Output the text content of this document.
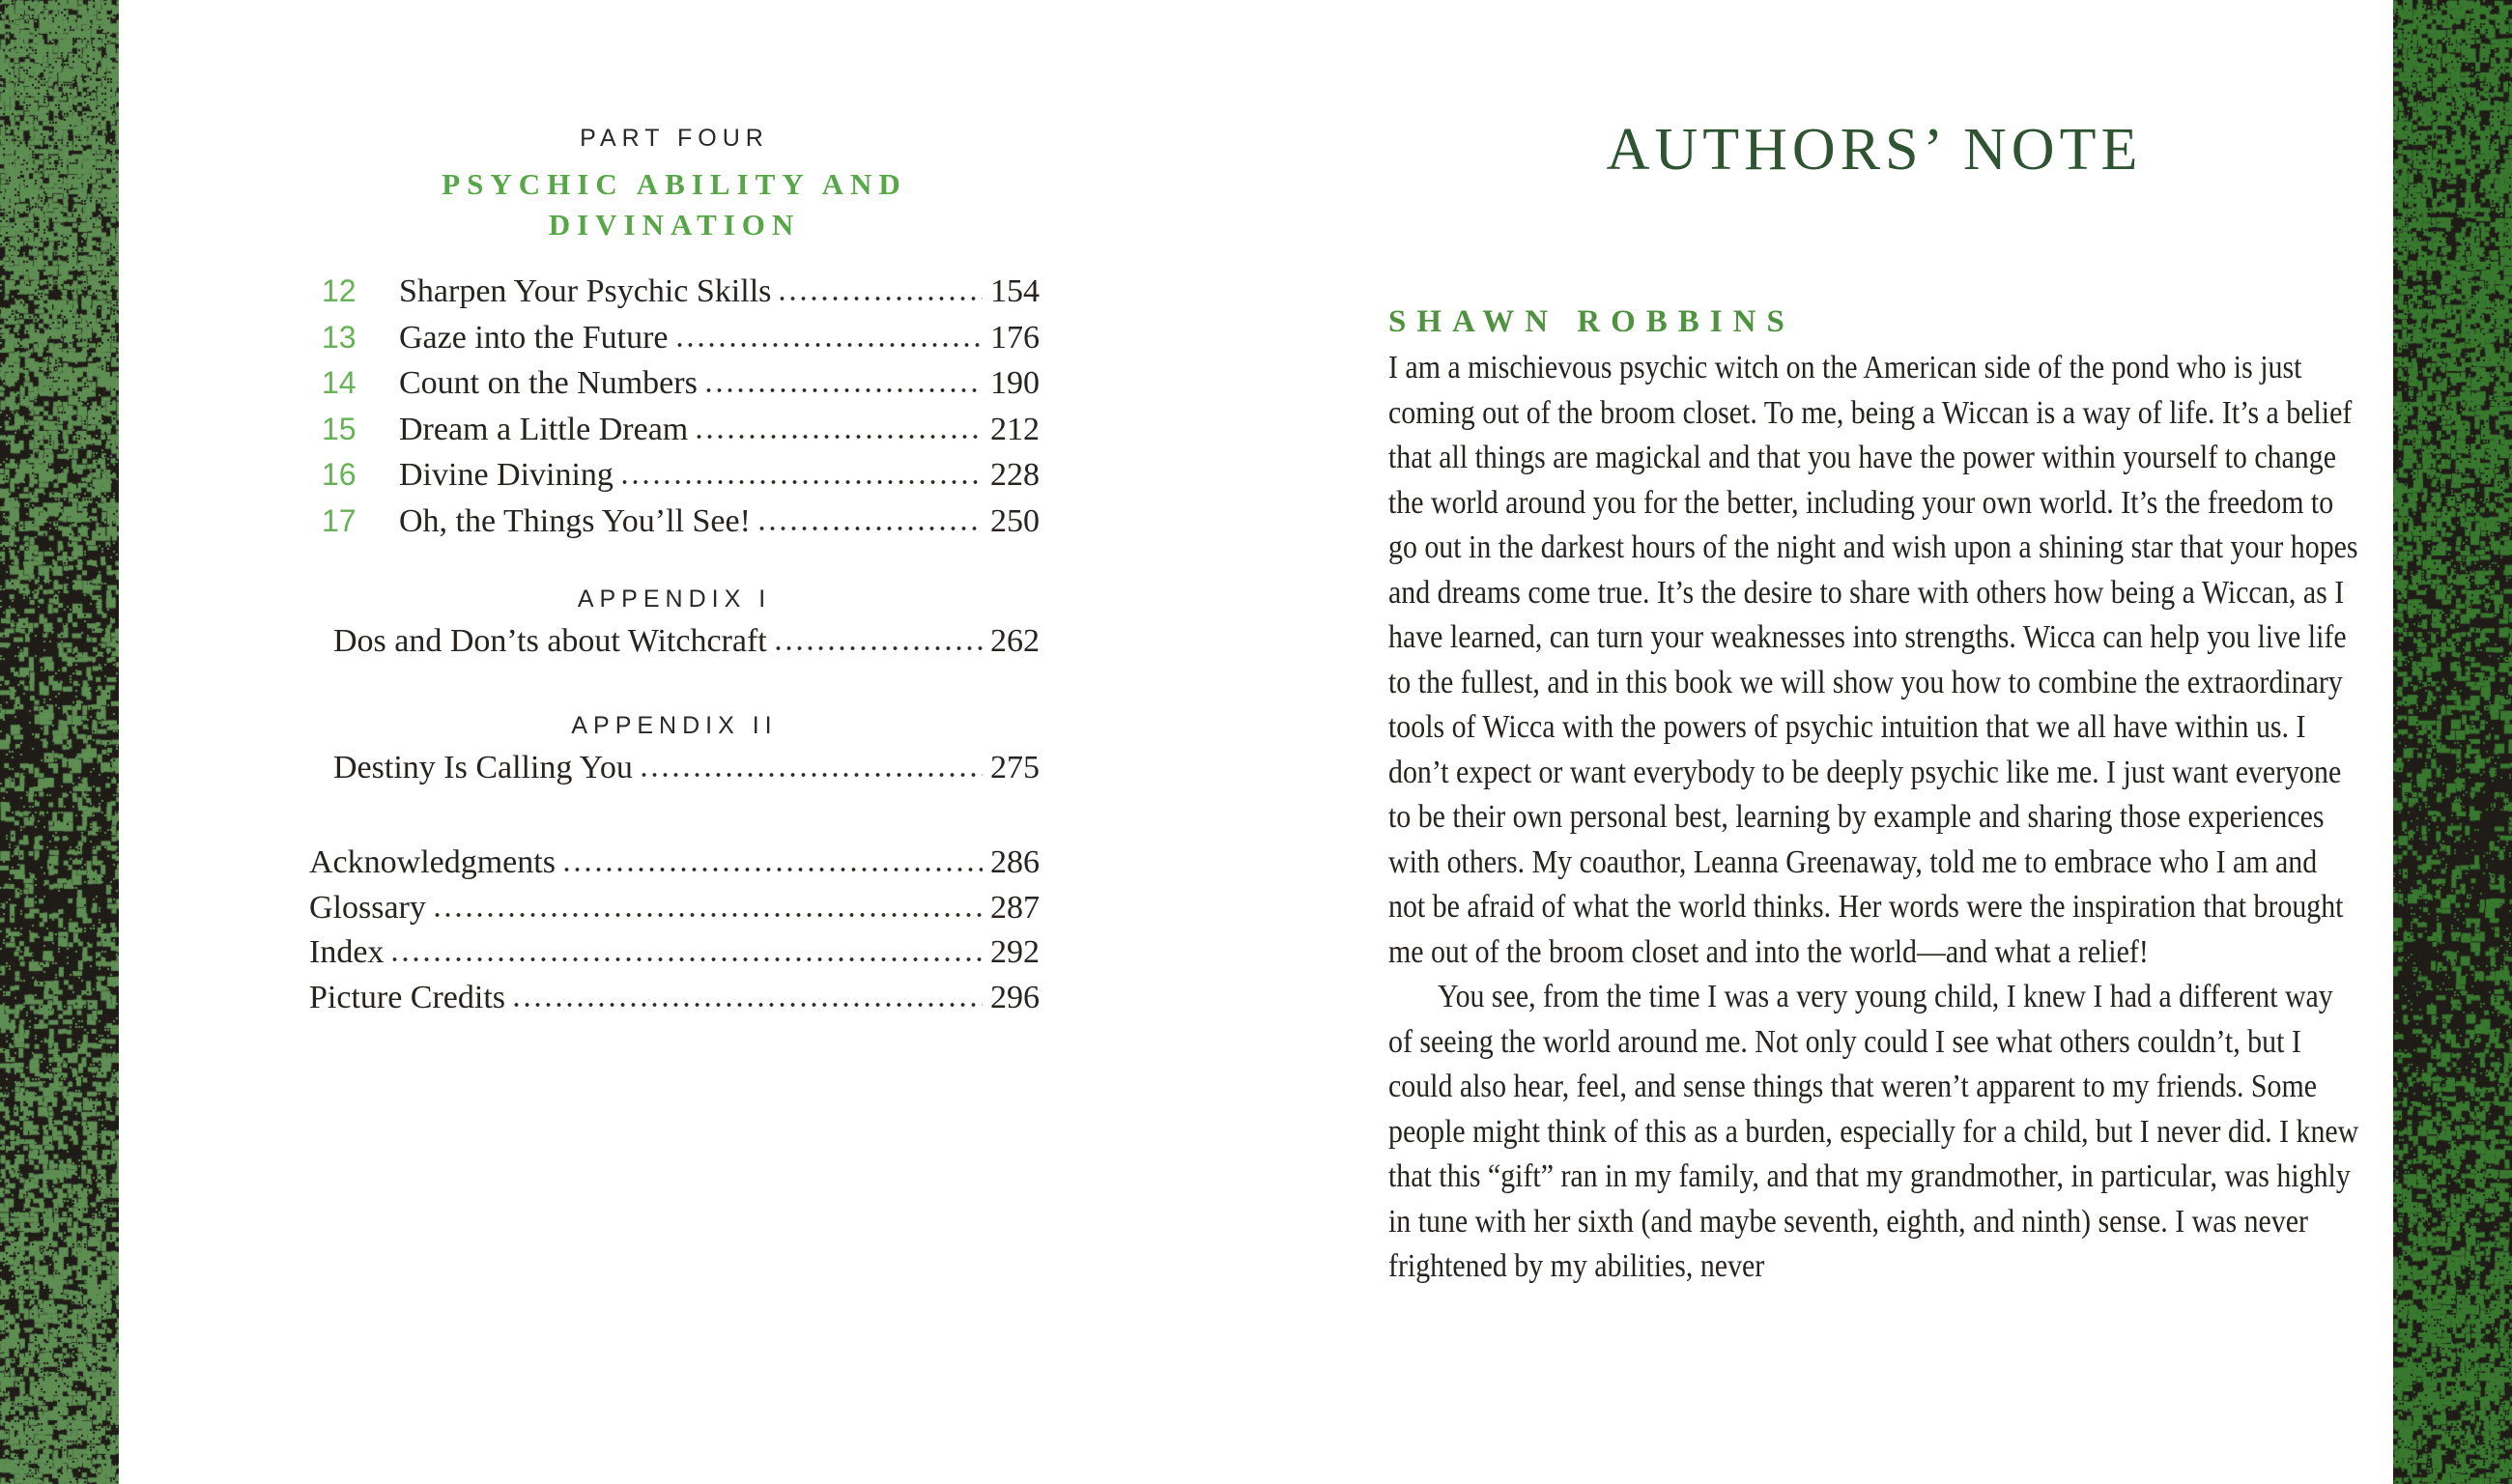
PART FOUR
PSYCHIC ABILITY AND DIVINATION
12	Sharpen Your Psychic Skills	154
13	Gaze into the Future	176
14	Count on the Numbers	190
15	Dream a Little Dream	212
16	Divine Divining	228
17	Oh, the Things You’ll See!	250
APPENDIX I
Dos and Don’ts about Witchcraft	262
APPENDIX II
Destiny Is Calling You	275
Acknowledgments	286
Glossary	287
Index	292
Picture Credits	296
AUTHORS’ NOTE
SHAWN ROBBINS

I am a mischievous psychic witch on the American side of the pond who is just coming out of the broom closet. To me, being a Wiccan is a way of life. It’s a belief that all things are magickal and that you have the power within yourself to change the world around you for the better, including your own world. It’s the freedom to go out in the darkest hours of the night and wish upon a shining star that your hopes and dreams come true. It’s the desire to share with others how being a Wiccan, as I have learned, can turn your weaknesses into strengths. Wicca can help you live life to the fullest, and in this book we will show you how to combine the extraordinary tools of Wicca with the powers of psychic intuition that we all have within us. I don’t expect or want everybody to be deeply psychic like me. I just want everyone to be their own personal best, learning by example and sharing those experiences with others. My coauthor, Leanna Greenaway, told me to embrace who I am and not be afraid of what the world thinks. Her words were the inspiration that brought me out of the broom closet and into the world—and what a relief!

You see, from the time I was a very young child, I knew I had a different way of seeing the world around me. Not only could I see what others couldn’t, but I could also hear, feel, and sense things that weren’t apparent to my friends. Some people might think of this as a burden, especially for a child, but I never did. I knew that this “gift” ran in my family, and that my grandmother, in particular, was highly in tune with her sixth (and maybe seventh, eighth, and ninth) sense. I was never frightened by my abilities, never
